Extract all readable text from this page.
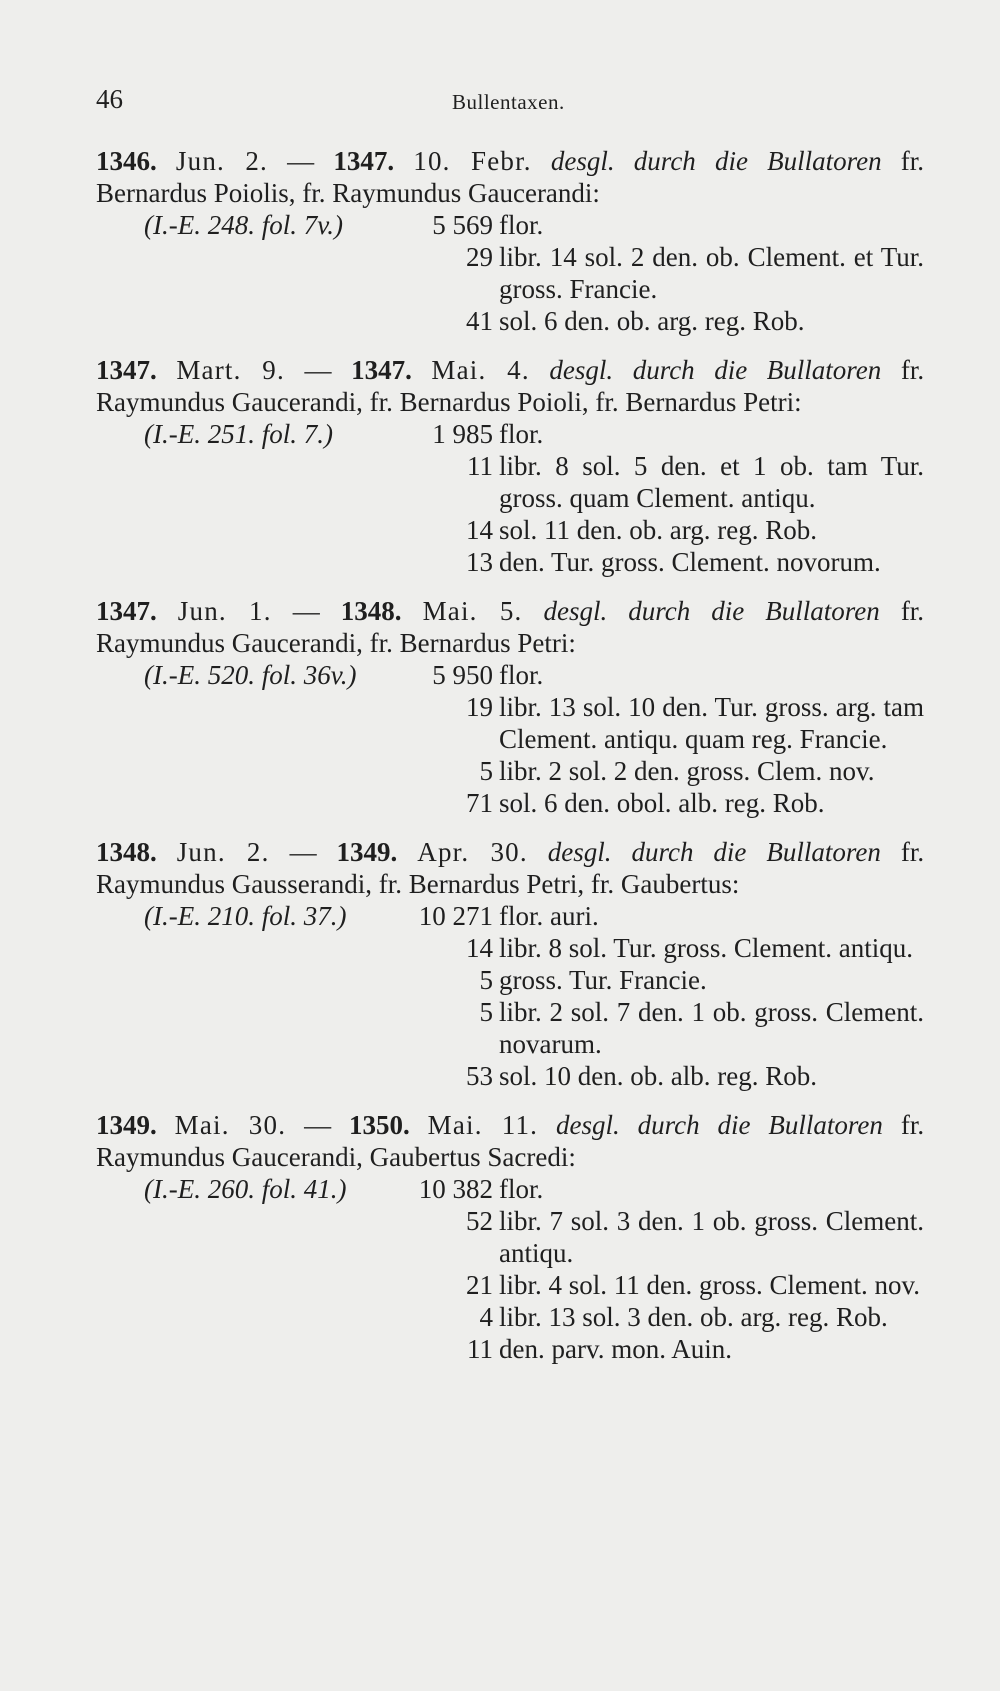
46	Bullentaxen.

1346. Jun. 2. — 1347. 10. Febr. desgl. durch die Bullatoren fr.

Bernardus Poiolis, fr. Raymundus Gaucerandi:

(I.-E. 248. fol. 7v.)	5 569 flor.
29 libr. 14 sol. 2 den. ob. Clement. et Tur. gross. Francie.
41 sol. 6 den. ob. arg. reg. Rob.

1347. Mart. 9. — 1347. Mai. 4. desgl. durch die Bullatoren fr.

Raymundus Gaucerandi, fr. Bernardus Poioli, fr. Bernardus Petri:

(I.-E. 251. fol. 7.)	1 985 flor.
11 libr. 8 sol. 5 den. et 1 ob. tam Tur. gross. quam Clement. antiqu.
14 sol. 11 den. ob. arg. reg. Rob.
13 den. Tur. gross. Clement. novorum.

1347. Jun. 1. — 1348. Mai. 5. desgl. durch die Bullatoren fr.

Raymundus Gaucerandi, fr. Bernardus Petri:

(I.-E. 520. fol. 36v.)	5 950 flor.
19 libr. 13 sol. 10 den. Tur. gross. arg. tam Clement. antiqu. quam reg. Francie.
5 libr. 2 sol. 2 den. gross. Clem. nov.
71 sol. 6 den. obol. alb. reg. Rob.

1348. Jun. 2. — 1349. Apr. 30. desgl. durch die Bullatoren fr.

Raymundus Gausserandi, fr. Bernardus Petri, fr. Gaubertus:

(I.-E. 210. fol. 37.)	10 271 flor. auri.
14 libr. 8 sol. Tur. gross. Clement. antiqu.
5 gross. Tur. Francie.
5 libr. 2 sol. 7 den. 1 ob. gross. Clement. novarum.
53 sol. 10 den. ob. alb. reg. Rob.

1349. Mai. 30. — 1350. Mai. 11. desgl. durch die Bullatoren fr.

Raymundus Gaucerandi, Gaubertus Sacredi:

(I.-E. 260. fol. 41.)	10 382 flor.
52 libr. 7 sol. 3 den. 1 ob. gross. Clement. antiqu.
21 libr. 4 sol. 11 den. gross. Clement. nov.
4 libr. 13 sol. 3 den. ob. arg. reg. Rob.
11 den. parv. mon. Auin.
